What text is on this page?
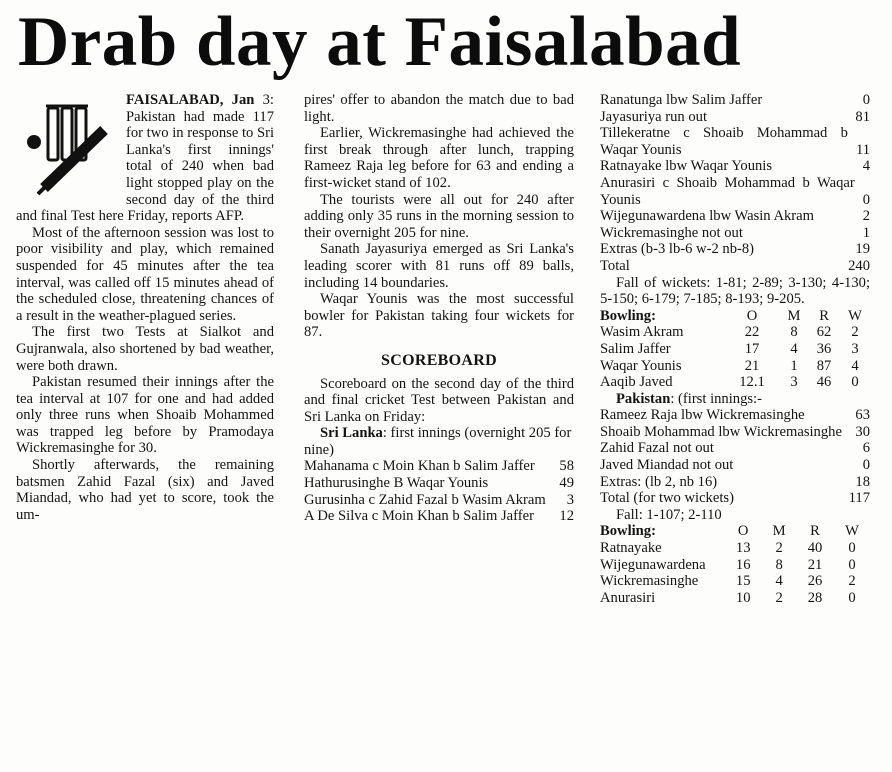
Drab day at Faisalabad

FAISALABAD, Jan 3: Pakistan had made 117 for two in response to Sri Lanka's first innings' total of 240 when bad light stopped play on the second day of the third and final Test here Friday, reports AFP.

Most of the afternoon session was lost to poor visibility and play, which remained suspended for 45 minutes after the tea interval, was called off 15 minutes ahead of the scheduled close, threatening chances of a result in the weather-plagued series.

The first two Tests at Sialkot and Gujranwala, also shortened by bad weather, were both drawn.

Pakistan resumed their innings after the tea interval at 107 for one and had added only three runs when Shoaib Mohammed was trapped leg before by Pramodaya Wickremasinghe for 30.

Shortly afterwards, the remaining batsmen Zahid Fazal (six) and Javed Miandad, who had yet to score, took the um-

pires' offer to abandon the match due to bad light.

Earlier, Wickremasinghe had achieved the first break through after lunch, trapping Rameez Raja leg before for 63 and ending a first-wicket stand of 102.

The tourists were all out for 240 after adding only 35 runs in the morning session to their overnight 205 for nine.

Sanath Jayasuriya emerged as Sri Lanka's leading scorer with 81 runs off 89 balls, including 14 boundaries.

Waqar Younis was the most successful bowler for Pakistan taking four wickets for 87.

SCOREBOARD

Scoreboard on the second day of the third and final cricket Test between Pakistan and Sri Lanka on Friday:

Sri Lanka: first innings (overnight 205 for nine)

Mahanama c Moin Khan b Salim Jaffer	58
Hathurusinghe B Waqar Younis	49
Gurusinha c Zahid Fazal b Wasim Akram	3
A De Silva c Moin Khan b Salim Jaffer	12
Ranatunga lbw Salim Jaffer	0
Jayasuriya run out	81
Tillekeratne c Shoaib Mohammad b Waqar Younis	11
Ratnayake lbw Waqar Younis	4
Anurasiri c Shoaib Mohammad b Waqar Younis	0
Wijegunawardena lbw Wasin Akram	2
Wickremasinghe not out	1
Extras (b-3 lb-6 w-2 nb-8)	19
Total	240

Fall of wickets: 1-81; 2-89; 3-130; 4-130; 5-150; 6-179; 7-185; 8-193; 9-205.

Bowling:	O	M	R	W
Wasim Akram	22	8	62	2
Salim Jaffer	17	4	36	3
Waqar Younis	21	1	87	4
Aaqib Javed	12.1	3	46	0

Pakistan: (first innings:-

Rameez Raja lbw Wickremasinghe	63
Shoaib Mohammad lbw Wickremasinghe 30
Zahid Fazal not out	6
Javed Miandad not out	0
Extras: (lb 2, nb 16)	18
Total (for two wickets)	117

Fall: 1-107; 2-110

Bowling:	O	M	R	W
Ratnayake	13	2	40	0
Wijegunawardena	16	8	21	0
Wickremasinghe	15	4	26	2
Anurasiri	10	2	28	0
